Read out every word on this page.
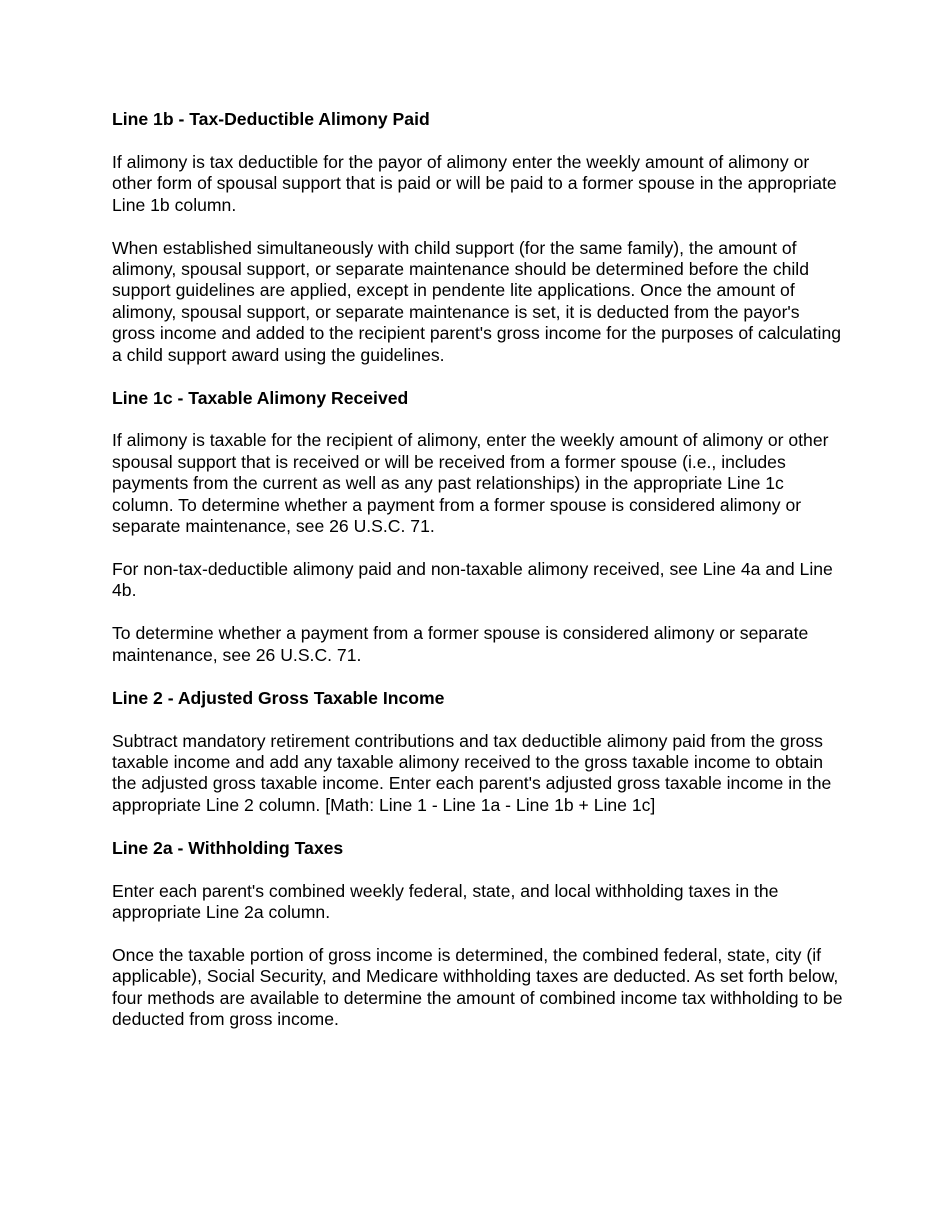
Line 1b - Tax-Deductible Alimony Paid
If alimony is tax deductible for the payor of alimony enter the weekly amount of alimony or other form of spousal support that is paid or will be paid to a former spouse in the appropriate Line 1b column.
When established simultaneously with child support (for the same family), the amount of alimony, spousal support, or separate maintenance should be determined before the child support guidelines are applied, except in pendente lite applications. Once the amount of alimony, spousal support, or separate maintenance is set, it is deducted from the payor's gross income and added to the recipient parent's gross income for the purposes of calculating a child support award using the guidelines.
Line 1c - Taxable Alimony Received
If alimony is taxable for the recipient of alimony, enter the weekly amount of alimony or other spousal support that is received or will be received from a former spouse (i.e., includes payments from the current as well as any past relationships) in the appropriate Line 1c column. To determine whether a payment from a former spouse is considered alimony or separate maintenance, see 26 U.S.C. 71.
For non-tax-deductible alimony paid and non-taxable alimony received, see Line 4a and Line 4b.
To determine whether a payment from a former spouse is considered alimony or separate maintenance, see 26 U.S.C. 71.
Line 2 - Adjusted Gross Taxable Income
Subtract mandatory retirement contributions and tax deductible alimony paid from the gross taxable income and add any taxable alimony received to the gross taxable income to obtain the adjusted gross taxable income. Enter each parent's adjusted gross taxable income in the appropriate Line 2 column. [Math: Line 1 - Line 1a - Line 1b + Line 1c]
Line 2a - Withholding Taxes
Enter each parent's combined weekly federal, state, and local withholding taxes in the appropriate Line 2a column.
Once the taxable portion of gross income is determined, the combined federal, state, city (if applicable), Social Security, and Medicare withholding taxes are deducted. As set forth below, four methods are available to determine the amount of combined income tax withholding to be deducted from gross income.
